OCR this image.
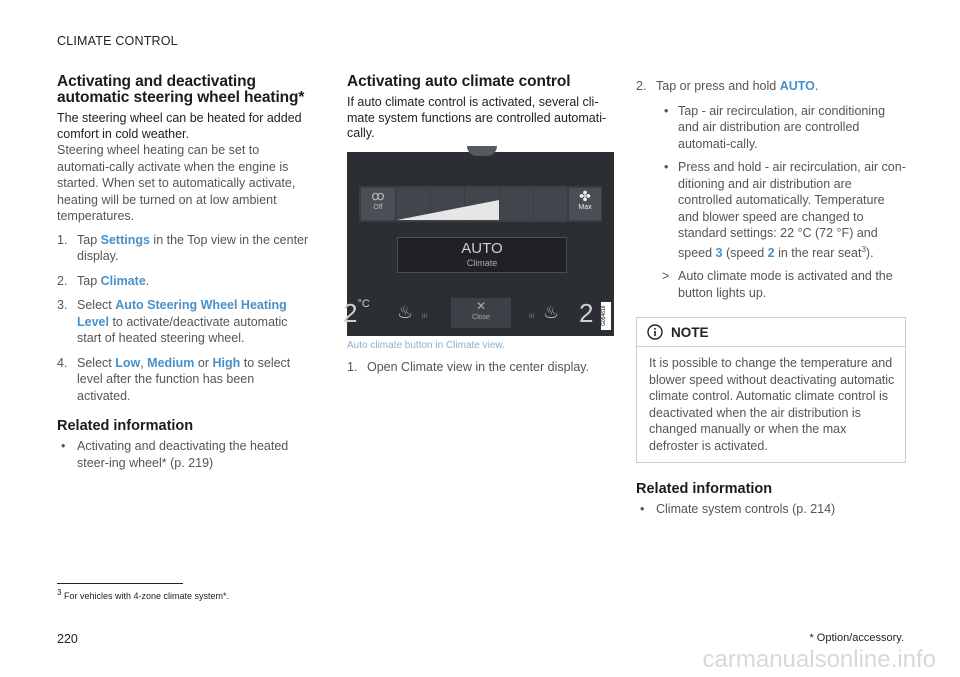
CLIMATE CONTROL
Activating and deactivating automatic steering wheel heating*

The steering wheel can be heated for added comfort in cold weather.

Steering wheel heating can be set to automati-cally activate when the engine is started. When set to automatically activate, heating will be turned on at low ambient temperatures.

1. Tap Settings in the Top view in the center display.
2. Tap Climate.
3. Select Auto Steering Wheel Heating Level to activate/deactivate automatic start of heated steering wheel.
4. Select Low, Medium or High to select level after the function has been activated.
Related information
• Activating and deactivating the heated steer-ing wheel* (p. 219)
Activating auto climate control

If auto climate control is activated, several cli-mate system functions are controlled automati-cally.

ꝏ
Off
✤
Max
AUTO
Climate
$2^{^\circ C}$ ♨ III
✕
Close	III ♨ 2 G054616
Auto climate button in Climate view.
1. Open Climate view in the center display.
2. Tap or press and hold AUTO.
• Tap - air recirculation, air conditioning and air distribution are controlled automati-cally.
• Press and hold - air recirculation, air con-ditioning and air distribution are controlled automatically. Temperature and blower speed are changed to standard settings: 22 °C (72 °F) and speed 3 (speed 2 in the rear seat$^3$).
> Auto climate mode is activated and the button lights up.
NOTE
It is possible to change the temperature and blower speed without deactivating automatic climate control. Automatic climate control is deactivated when the air distribution is changed manually or when the max defroster is activated.
Related information
• Climate system controls (p. 214)
$^3$ For vehicles with 4-zone climate system*.
220	* Option/accessory.
carmanualsonline.info
